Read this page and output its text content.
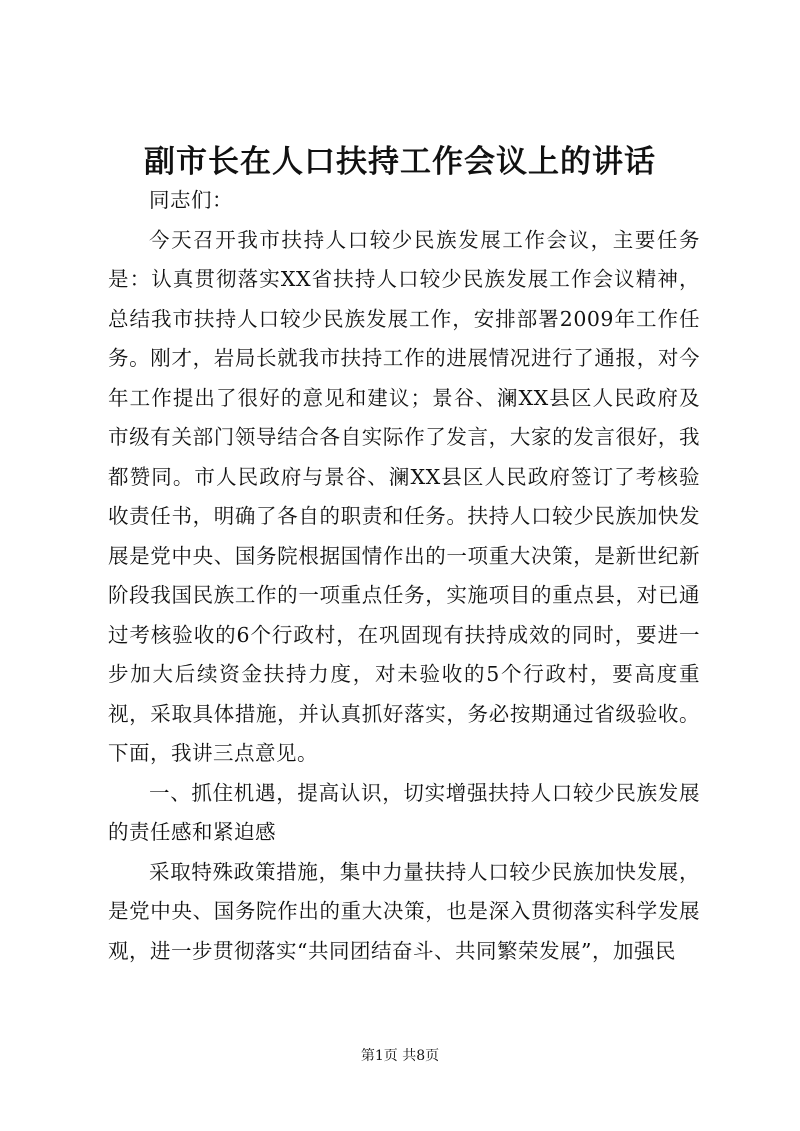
副市长在人口扶持工作会议上的讲话

同志们：

今天召开我市扶持人口较少民族发展工作会议，主要任务是：认真贯彻落实XX省扶持人口较少民族发展工作会议精神，总结我市扶持人口较少民族发展工作，安排部署2009年工作任务。刚才，岩局长就我市扶持工作的进展情况进行了通报，对今年工作提出了很好的意见和建议；景谷、澜XX县区人民政府及市级有关部门领导结合各自实际作了发言，大家的发言很好，我都赞同。市人民政府与景谷、澜XX县区人民政府签订了考核验收责任书，明确了各自的职责和任务。扶持人口较少民族加快发展是党中央、国务院根据国情作出的一项重大决策，是新世纪新阶段我国民族工作的一项重点任务，实施项目的重点县，对已通过考核验收的6个行政村，在巩固现有扶持成效的同时，要进一步加大后续资金扶持力度，对未验收的5个行政村，要高度重视，采取具体措施，并认真抓好落实，务必按期通过省级验收。下面，我讲三点意见。

一、抓住机遇，提高认识，切实增强扶持人口较少民族发展的责任感和紧迫感

采取特殊政策措施，集中力量扶持人口较少民族加快发展，是党中央、国务院作出的重大决策，也是深入贯彻落实科学发展观，进一步贯彻落实“共同团结奋斗、共同繁荣发展”，加强民

第1页 共8页
